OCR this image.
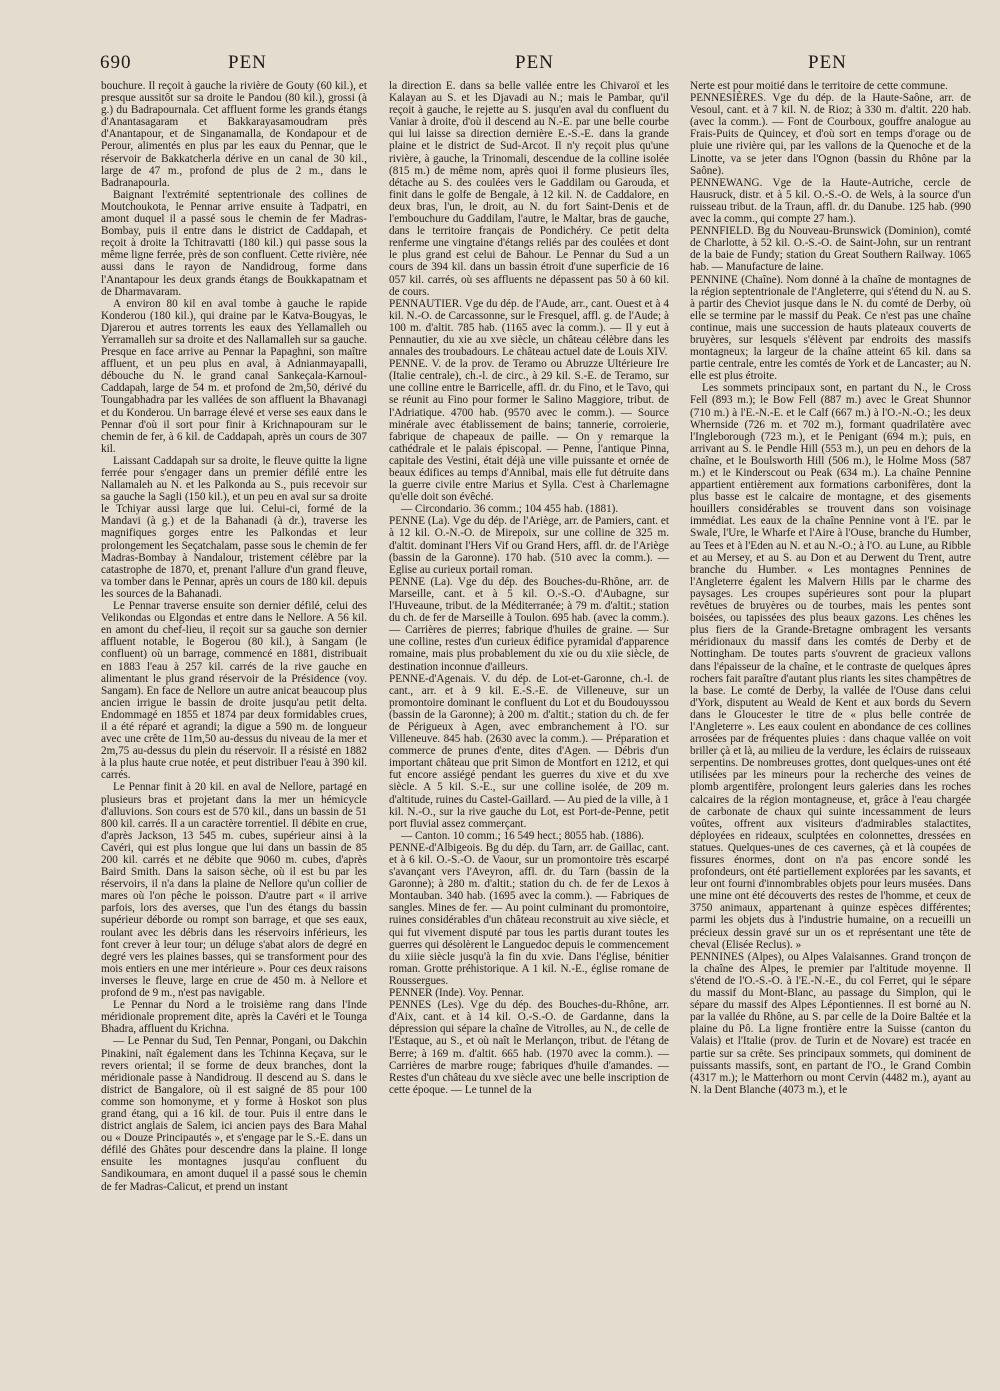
690	PEN	PEN	PEN

bouchure. Il reçoit à gauche la rivière de Gouty (60 kil.), et presque aussitôt sur sa droite le Pandou (80 kil.), grossi (à g.) du Badrapournala. Cet affluent forme les grands étangs d'Anantasagaram et Bakkarayasamoudram près d'Anantapour, et de Singanamalla, de Kondapour et de Perour, alimentés en plus par les eaux du Pennar, que le réservoir de Bakkatcherla dérive en un canal de 30 kil., large de 47 m., profond de plus de 2 m., dans le Badranapourla.

Baignant l'extrémité septentrionale des collines de Moutchoukota, le Pennar arrive ensuite à Tadpatri, en amont duquel il a passé sous le chemin de fer Madras-Bombay, puis il entre dans le district de Caddapah, et reçoit à droite la Tchitravatti (180 kil.) qui passe sous la même ligne ferrée, près de son confluent. Cette rivière, née aussi dans le rayon de Nandidroug, forme dans l'Anantapour les deux grands étangs de Boukkapatnam et de Dharmavaram.

A environ 80 kil en aval tombe à gauche le rapide Konderou (180 kil.), qui draine par le Katva-Bougyas, le Djarerou et autres torrents les eaux des Yellamalleh ou Yerramalleh sur sa droite et des Nallamalleh sur sa gauche. Presque en face arrive au Pennar la Papaghni, son maître affluent, et un peu plus en aval, à Adnianmayapalli, débouche du N. le grand canal Sankeçala-Karnoul-Caddapah, large de 54 m. et profond de 2m,50, dérivé du Toungabhadra par les vallées de son affluent la Bhavanagi et du Konderou. Un barrage élevé et verse ses eaux dans le Pennar d'où il sort pour finir à Krichnapouram sur le chemin de fer, à 6 kil. de Caddapah, après un cours de 307 kil.

Laissant Caddapah sur sa droite, le fleuve quitte la ligne ferrée pour s'engager dans un premier défilé entre les Nallamaleh au N. et les Palkonda au S., puis recevoir sur sa gauche la Sagli (150 kil.), et un peu en aval sur sa droite le Tchiyar aussi large que lui. Celui-ci, formé de la Mandavi (à g.) et de la Bahanadi (à dr.), traverse les magnifiques gorges entre les Palkondas et leur prolongement les Seçatchalam, passe sous le chemin de fer Madras-Bombay à Nandalour, tristement célèbre par la catastrophe de 1870, et, prenant l'allure d'un grand fleuve, va tomber dans le Pennar, après un cours de 180 kil. depuis les sources de la Bahanadi.

Le Pennar traverse ensuite son dernier défilé, celui des Velikondas ou Elgondas et entre dans le Nellore. A 56 kil. en amont du chef-lieu, il reçoit sur sa gauche son dernier affluent notable, le Bogerou (80 kil.), à Sangam (le confluent) où un barrage, commencé en 1881, distribuait en 1883 l'eau à 257 kil. carrés de la rive gauche en alimentant le plus grand réservoir de la Présidence (voy. Sangam). En face de Nellore un autre anicat beaucoup plus ancien irrigue le bassin de droite jusqu'au petit delta. Endommagé en 1855 et 1874 par deux formidables crues, il a été réparé et agrandi; la digue a 590 m. de longueur avec une crête de 11m,50 au-dessus du niveau de la mer et 2m,75 au-dessus du plein du réservoir. Il a résisté en 1882 à la plus haute crue notée, et peut distribuer l'eau à 390 kil. carrés.

Le Pennar finit à 20 kil. en aval de Nellore, partagé en plusieurs bras et projetant dans la mer un hémicycle d'alluvions. Son cours est de 570 kil., dans un bassin de 51 800 kil. carrés. Il a un caractère torrentiel. Il débite en crue, d'après Jackson, 13 545 m. cubes, supérieur ainsi à la Cavéri, qui est plus longue que lui dans un bassin de 85 200 kil. carrés et ne débite que 9060 m. cubes, d'après Baird Smith. Dans la saison sèche, où il est bu par les réservoirs, il n'a dans la plaine de Nellore qu'un collier de mares où l'on pêche le poisson. D'autre part « il arrive parfois, lors des averses, que l'un des étangs du bassin supérieur déborde ou rompt son barrage, et que ses eaux, roulant avec les débris dans les réservoirs inférieurs, les font crever à leur tour; un déluge s'abat alors de degré en degré vers les plaines basses, qui se transforment pour des mois entiers en une mer intérieure ». Pour ces deux raisons inverses le fleuve, large en crue de 450 m. à Nellore et profond de 9 m., n'est pas navigable.

Le Pennar du Nord a le troisième rang dans l'Inde méridionale proprement dite, après la Cavéri et le Tounga Bhadra, affluent du Krichna.

— Le Pennar du Sud, Ten Pennar, Pongani, ou Dakchin Pinakini, naît également dans les Tchinna Keçava, sur le revers oriental; il se forme de deux branches, dont la méridionale passe à Nandidroug. Il descend au S. dans le district de Bangalore, où il est saigné de 85 pour 100 comme son homonyme, et y forme à Hoskot son plus grand étang, qui a 16 kil. de tour. Puis il entre dans le district anglais de Salem, ici ancien pays des Bara Mahal ou « Douze Principautés », et s'engage par le S.-E. dans un défilé des Ghâtes pour descendre dans la plaine. Il longe ensuite les montagnes jusqu'au confluent du Sandikoumara, en amont duquel il a passé sous le chemin de fer Madras-Calicut, et prend un instant

la direction E. dans sa belle vallée entre les Chivaroï et les Kalayan au S. et les Djavadi au N.; mais le Pambar, qu'il reçoit à gauche, le rejette au S. jusqu'en aval du confluent du Vaniar à droite, d'où il descend au N.-E. par une belle courbe qui lui laisse sa direction dernière E.-S.-E. dans la grande plaine et le district de Sud-Arcot. Il n'y reçoit plus qu'une rivière, à gauche, la Trinomali, descendue de la colline isolée (815 m.) de même nom, après quoi il forme plusieurs îles, détache au S. des coulées vers le Gaddilam ou Garouda, et finit dans le golfe de Bengale, à 12 kil. N. de Caddalore, en deux bras, l'un, le droit, au N. du fort Saint-Denis et de l'embouchure du Gaddilam, l'autre, le Maltar, bras de gauche, dans le territoire français de Pondichéry. Ce petit delta renferme une vingtaine d'étangs reliés par des coulées et dont le plus grand est celui de Bahour. Le Pennar du Sud a un cours de 394 kil. dans un bassin étroit d'une superficie de 16 057 kil. carrés, où ses affluents ne dépassent pas 50 à 60 kil. de cours.

PENNAUTIER. Vge du dép. de l'Aude, arr., cant. Ouest et à 4 kil. N.-O. de Carcassonne, sur le Fresquel, affl. g. de l'Aude; à 100 m. d'altit. 785 hab. (1165 avec la comm.). — Il y eut à Pennautier, du xie au xve siècle, un château célèbre dans les annales des troubadours. Le château actuel date de Louis XIV.

PENNE. V. de la prov. de Teramo ou Abruzze Ultérieure Ire (Italie centrale), ch.-l. de circ., à 29 kil. S.-E. de Teramo, sur une colline entre le Barricelle, affl. dr. du Fino, et le Tavo, qui se réunit au Fino pour former le Salino Maggiore, tribut. de l'Adriatique. 4700 hab. (9570 avec le comm.). — Source minérale avec établissement de bains; tannerie, corroierie, fabrique de chapeaux de paille. — On y remarque la cathédrale et le palais épiscopal. — Penne, l'antique Pinna, capitale des Vestini, était déjà une ville puissante et ornée de beaux édifices au temps d'Annibal, mais elle fut détruite dans la guerre civile entre Marius et Sylla. C'est à Charlemagne qu'elle doit son évêché.

— Circondario. 36 comm.; 104 455 hab. (1881).

PENNE (La). Vge du dép. de l'Ariège, arr. de Pamiers, cant. et à 12 kil. O.-N.-O. de Mirepoix, sur une colline de 325 m. d'altit. dominant l'Hers Vif ou Grand Hers, affl. dr. de l'Ariège (bassin de la Garonne). 170 hab. (510 avec la comm.). — Eglise au curieux portail roman.

PENNE (La). Vge du dép. des Bouches-du-Rhône, arr. de Marseille, cant. et à 5 kil. O.-S.-O. d'Aubagne, sur l'Huveaune, tribut. de la Méditerranée; à 79 m. d'altit.; station du ch. de fer de Marseille à Toulon. 695 hab. (avec la comm.). — Carrières de pierres; fabrique d'huiles de graine. — Sur une colline, restes d'un curieux édifice pyramidal d'apparence romaine, mais plus probablement du xie ou du xiie siècle, de destination inconnue d'ailleurs.

PENNE-d'Agenais. V. du dép. de Lot-et-Garonne, ch.-l. de cant., arr. et à 9 kil. E.-S.-E. de Villeneuve, sur un promontoire dominant le confluent du Lot et du Boudouyssou (bassin de la Garonne); à 200 m. d'altit.; station du ch. de fer de Périgueux à Agen, avec embranchement à l'O. sur Villeneuve. 845 hab. (2630 avec la comm.). — Préparation et commerce de prunes d'ente, dites d'Agen. — Débris d'un important château que prit Simon de Montfort en 1212, et qui fut encore assiégé pendant les guerres du xive et du xve siècle. A 5 kil. S.-E., sur une colline isolée, de 209 m. d'altitude, ruines du Castel-Gaillard. — Au pied de la ville, à 1 kil. N.-O., sur la rive gauche du Lot, est Port-de-Penne, petit port fluvial assez commerçant.

— Canton. 10 comm.; 16 549 hect.; 8055 hab. (1886).

PENNE-d'Albigeois. Bg du dép. du Tarn, arr. de Gaillac, cant. et à 6 kil. O.-S.-O. de Vaour, sur un promontoire très escarpé s'avançant vers l'Aveyron, affl. dr. du Tarn (bassin de la Garonne); à 280 m. d'altit.; station du ch. de fer de Lexos à Montauban. 340 hab. (1695 avec la comm.). — Fabriques de sangles. Mines de fer. — Au point culminant du promontoire, ruines considérables d'un château reconstruit au xive siècle, et qui fut vivement disputé par tous les partis durant toutes les guerres qui désolèrent le Languedoc depuis le commencement du xiiie siècle jusqu'à la fin du xvie. Dans l'église, bénitier roman. Grotte préhistorique. A 1 kil. N.-E., église romane de Roussergues.

PENNER (Inde). Voy. Pennar.

PENNES (Les). Vge du dép. des Bouches-du-Rhône, arr. d'Aix, cant. et à 14 kil. O.-S.-O. de Gardanne, dans la dépression qui sépare la chaîne de Vitrolles, au N., de celle de l'Estaque, au S., et où naît le Merlançon, tribut. de l'étang de Berre; à 169 m. d'altit. 665 hab. (1970 avec la comm.). — Carrières de marbre rouge; fabriques d'huile d'amandes. — Restes d'un château du xve siècle avec une belle inscription de cette époque. — Le tunnel de la

Nerte est pour moitié dans le territoire de cette commune.

PENNESIÈRES. Vge du dép. de la Haute-Saône, arr. de Vesoul, cant. et à 7 kil. N. de Rioz; à 330 m. d'altit. 220 hab. (avec la comm.). — Font de Courboux, gouffre analogue au Frais-Puits de Quincey, et d'où sort en temps d'orage ou de pluie une rivière qui, par les vallons de la Quenoche et de la Linotte, va se jeter dans l'Ognon (bassin du Rhône par la Saône).

PENNEWANG. Vge de la Haute-Autriche, cercle de Hausruck, distr. et à 5 kil. O.-S.-O. de Wels, à la source d'un ruisseau tribut. de la Traun, affl. dr. du Danube. 125 hab. (990 avec la comm., qui compte 27 ham.).

PENNFIELD. Bg du Nouveau-Brunswick (Dominion), comté de Charlotte, à 52 kil. O.-S.-O. de Saint-John, sur un rentrant de la baie de Fundy; station du Great Southern Railway. 1065 hab. — Manufacture de laine.

PENNINE (Chaîne). Nom donné à la chaîne de montagnes de la région septentrionale de l'Angleterre, qui s'étend du N. au S. à partir des Cheviot jusque dans le N. du comté de Derby, où elle se termine par le massif du Peak. Ce n'est pas une chaîne continue, mais une succession de hauts plateaux couverts de bruyères, sur lesquels s'élèvent par endroits des massifs montagneux; la largeur de la chaîne atteint 65 kil. dans sa partie centrale, entre les comtés de York et de Lancaster; au N. elle est plus étroite.

Les sommets principaux sont, en partant du N., le Cross Fell (893 m.); le Bow Fell (887 m.) avec le Great Shunnor (710 m.) à l'E.-N.-E. et le Calf (667 m.) à l'O.-N.-O.; les deux Whernside (726 m. et 702 m.), formant quadrilatère avec l'Ingleborough (723 m.), et le Penigant (694 m.); puis, en arrivant au S. le Pendle Hill (553 m.), un peu en dehors de la chaîne, et le Boulsworth Hill (506 m.), le Holme Moss (587 m.) et le Kinderscout ou Peak (634 m.). La chaîne Pennine appartient entièrement aux formations carbonifères, dont la plus basse est le calcaire de montagne, et des gisements houillers considérables se trouvent dans son voisinage immédiat. Les eaux de la chaîne Pennine vont à l'E. par le Swale, l'Ure, le Wharfe et l'Aire à l'Ouse, branche du Humber, au Tees et à l'Eden au N. et au N.-O.; à l'O. au Lune, au Ribble et au Mersey, et au S. au Don et au Derwent du Trent, autre branche du Humber. « Les montagnes Pennines de l'Angleterre égalent les Malvern Hills par le charme des paysages. Les croupes supérieures sont pour la plupart revêtues de bruyères ou de tourbes, mais les pentes sont boisées, ou tapissées des plus beaux gazons. Les chênes les plus fiers de la Grande-Bretagne ombragent les versants méridionaux du massif dans les comtés de Derby et de Nottingham. De toutes parts s'ouvrent de gracieux vallons dans l'épaisseur de la chaîne, et le contraste de quelques âpres rochers fait paraître d'autant plus riants les sites champêtres de la base. Le comté de Derby, la vallée de l'Ouse dans celui d'York, disputent au Weald de Kent et aux bords du Severn dans le Gloucester le titre de « plus belle contrée de l'Angleterre ». Les eaux coulent en abondance de ces collines arrosées par de fréquentes pluies : dans chaque vallée on voit briller çà et là, au milieu de la verdure, les éclairs de ruisseaux serpentins. De nombreuses grottes, dont quelques-unes ont été utilisées par les mineurs pour la recherche des veines de plomb argentifère, prolongent leurs galeries dans les roches calcaires de la région montagneuse, et, grâce à l'eau chargée de carbonate de chaux qui suinte incessamment de leurs voûtes, offrent aux visiteurs d'admirables stalactites, déployées en rideaux, sculptées en colonnettes, dressées en statues. Quelques-unes de ces cavernes, çà et là coupées de fissures énormes, dont on n'a pas encore sondé les profondeurs, ont été partiellement explorées par les savants, et leur ont fourni d'innombrables objets pour leurs musées. Dans une mine ont été découverts des restes de l'homme, et ceux de 3750 animaux, appartenant à quinze espèces différentes; parmi les objets dus à l'industrie humaine, on a recueilli un précieux dessin gravé sur un os et représentant une tête de cheval (Elisée Reclus). »

PENNINES (Alpes), ou Alpes Valaisannes. Grand tronçon de la chaîne des Alpes, le premier par l'altitude moyenne. Il s'étend de l'O.-S.-O. à l'E.-N.-E., du col Ferret, qui le sépare du massif du Mont-Blanc, au passage du Simplon, qui le sépare du massif des Alpes Lépontiennes. Il est borné au N. par la vallée du Rhône, au S. par celle de la Doire Baltée et la plaine du Pô. La ligne frontière entre la Suisse (canton du Valais) et l'Italie (prov. de Turin et de Novare) est tracée en partie sur sa crête. Ses principaux sommets, qui dominent de puissants massifs, sont, en partant de l'O., le Grand Combin (4317 m.); le Matterhorn ou mont Cervin (4482 m.), ayant au N. la Dent Blanche (4073 m.), et le
